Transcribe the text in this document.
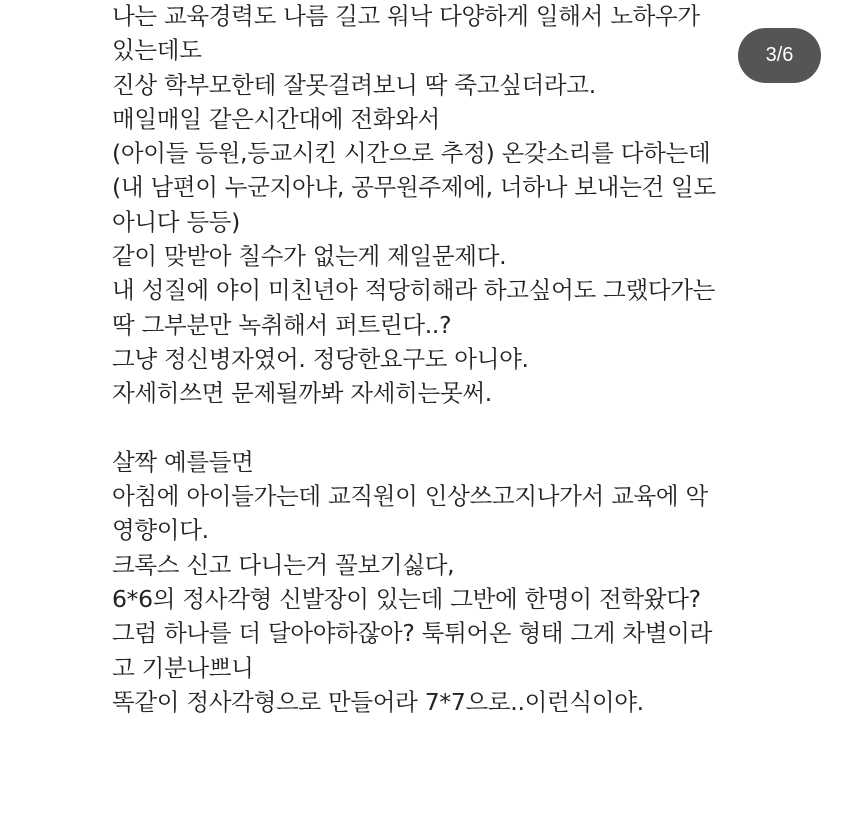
나는 교육경력도 나름 길고 워낙 다양하게 일해서 노하우가
있는데도
진상 학부모한테 잘못걸려보니 딱 죽고싶더라고.
매일매일 같은시간대에 전화와서
(아이들 등원,등교시킨 시간으로 추정) 온갖소리를 다하는데
(내 남편이 누군지아냐, 공무원주제에, 너하나 보내는건 일도
아니다 등등)
같이 맞받아 칠수가 없는게 제일문제다.
내 성질에 야이 미친년아 적당히해라 하고싶어도 그랬다가는
딱 그부분만 녹취해서 퍼트린다..?
그냥 정신병자였어. 정당한요구도 아니야.
자세히쓰면 문제될까봐 자세히는못써.
살짝 예를들면
아침에 아이들가는데 교직원이 인상쓰고지나가서 교육에 악
영향이다.
크록스 신고 다니는거 꼴보기싫다,
6*6의 정사각형 신발장이 있는데 그반에 한명이 전학왔다?
그럼 하나를 더 달아야하잖아? 툭튀어온 형태 그게 차별이라
고 기분나쁘니
똑같이 정사각형으로 만들어라 7*7으로..이런식이야.
3/6
